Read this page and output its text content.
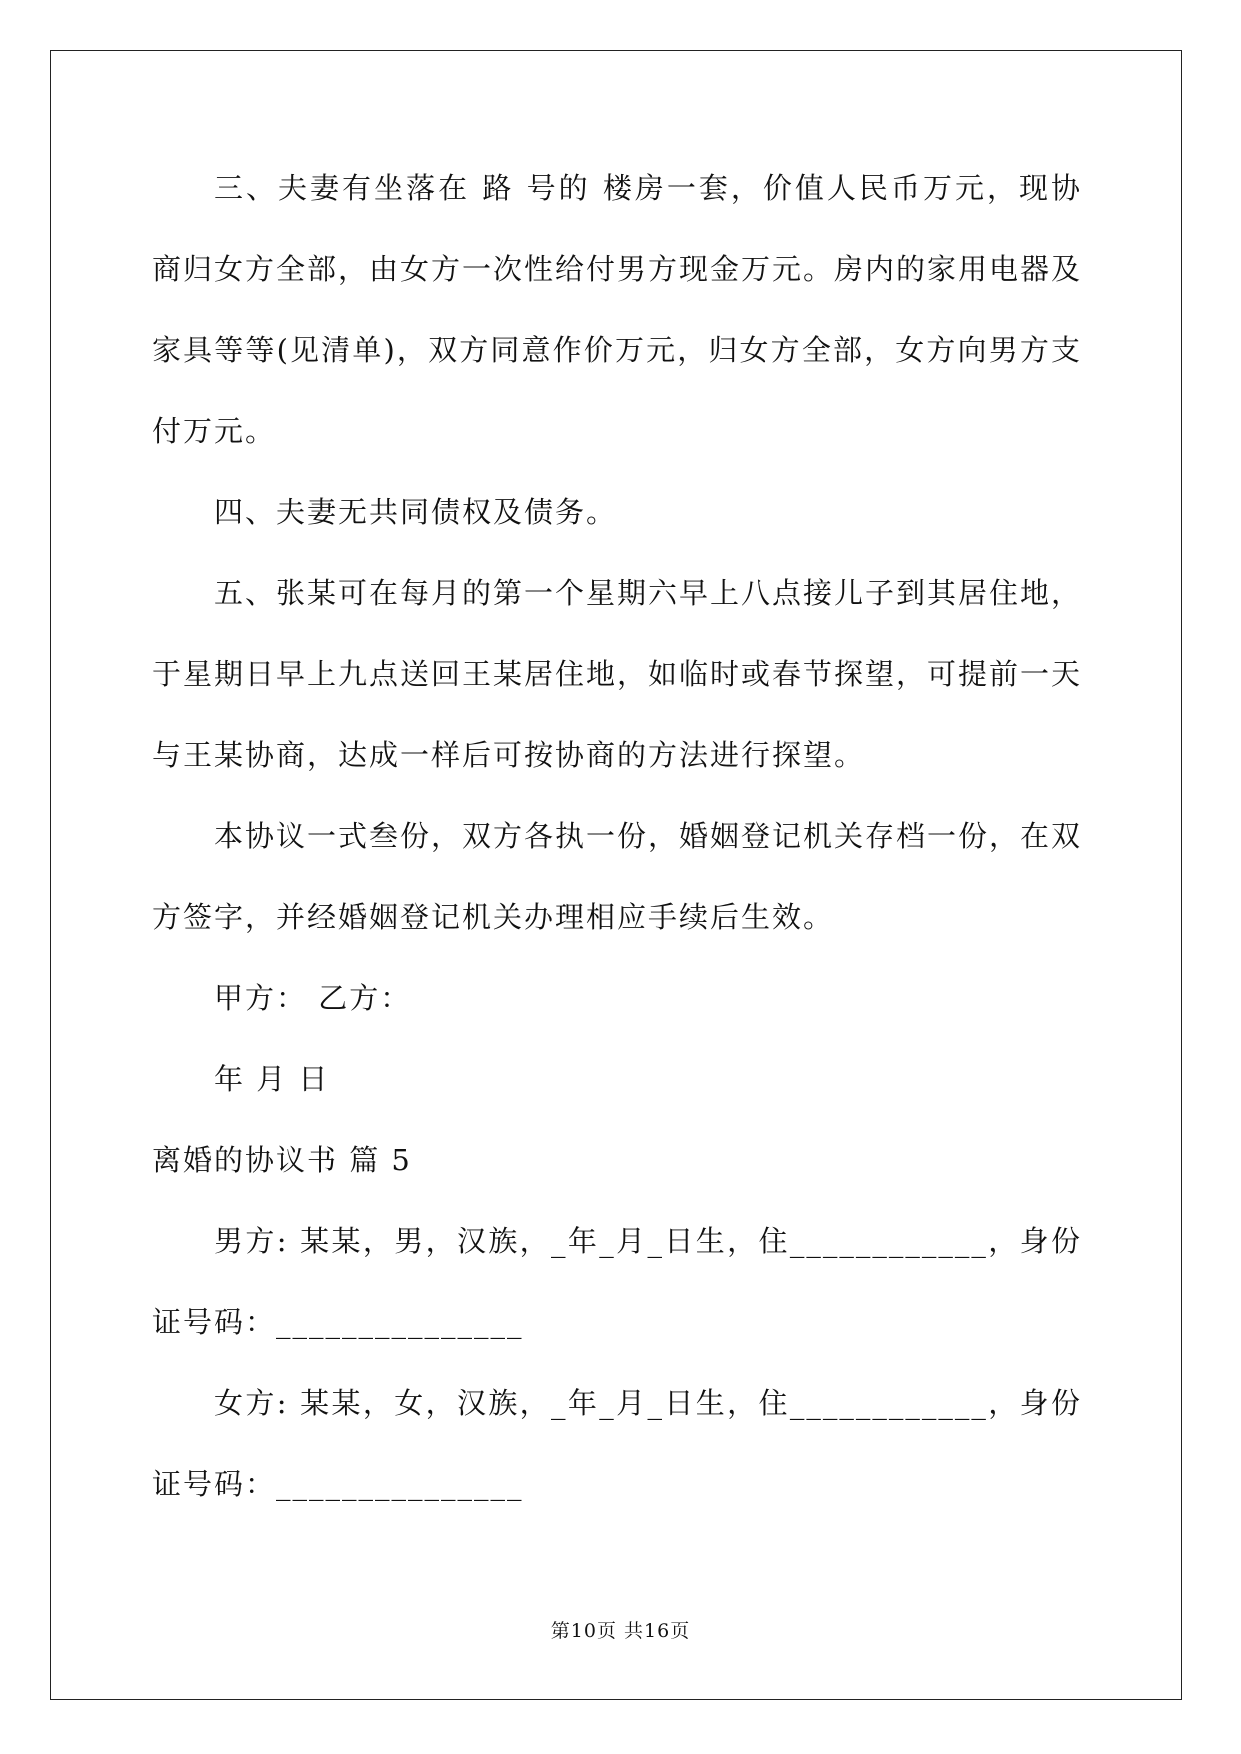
三、夫妻有坐落在 路 号的 楼房一套，价值人民币万元，现协商归女方全部，由女方一次性给付男方现金万元。房内的家用电器及家具等等(见清单)，双方同意作价万元，归女方全部，女方向男方支付万元。

四、夫妻无共同债权及债务。

五、张某可在每月的第一个星期六早上八点接儿子到其居住地，于星期日早上九点送回王某居住地，如临时或春节探望，可提前一天与王某协商，达成一样后可按协商的方法进行探望。

本协议一式叁份，双方各执一份，婚姻登记机关存档一份，在双方签字，并经婚姻登记机关办理相应手续后生效。

甲方： 乙方：

年 月 日

离婚的协议书 篇 5

男方: 某某，男，汉族，_年_月_日生，住____________，身份证号码：_______________

女方: 某某，女，汉族，_年_月_日生，住____________，身份证号码：_______________

第10页 共16页
